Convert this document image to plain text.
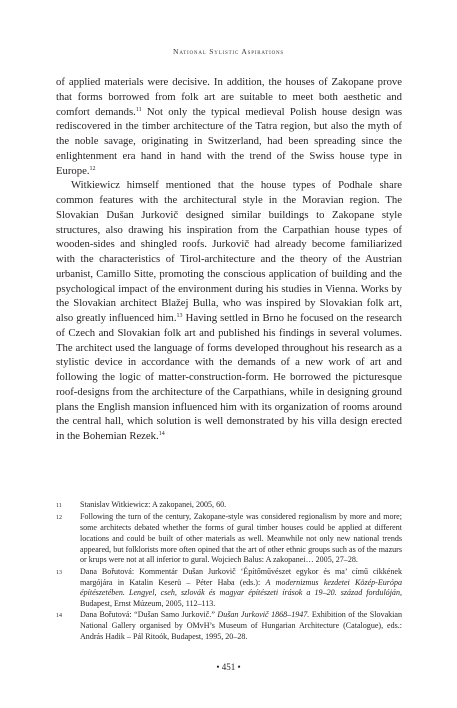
National Sylistic Aspirations

of applied materials were decisive. In addition, the houses of Zakopane prove that forms borrowed from folk art are suitable to meet both aesthetic and comfort demands.$^{11}$ Not only the typical medieval Polish house design was rediscovered in the timber architecture of the Tatra region, but also the myth of the noble savage, originating in Switzerland, had been spreading since the enlightenment era hand in hand with the trend of the Swiss house type in Europe.$^{12}$

Witkiewicz himself mentioned that the house types of Podhale share common features with the architectural style in the Moravian region. The Slovakian Dušan Jurkovič designed similar buildings to Zakopane style structures, also drawing his inspiration from the Carpathian house types of wooden-sides and shingled roofs. Jurkovič had already become familiarized with the characteristics of Tirol-architecture and the theory of the Austrian urbanist, Camillo Sitte, promoting the conscious application of building and the psychological impact of the environment during his studies in Vienna. Works by the Slovakian architect Blažej Bulla, who was inspired by Slovakian folk art, also greatly influenced him.$^{13}$ Having settled in Brno he focused on the research of Czech and Slovakian folk art and published his findings in several volumes. The architect used the language of forms developed throughout his research as a stylistic device in accordance with the demands of a new work of art and following the logic of matter-construction-form. He borrowed the picturesque roof-designs from the architecture of the Carpathians, while in designing ground plans the English mansion influenced him with its organization of rooms around the central hall, which solution is well demonstrated by his villa design erected in the Bohemian Rezek.$^{14}$

11	Stanislav Witkiewicz: A zakopanei, 2005, 60.
12	Following the turn of the century, Zakopane-style was considered regionalism by more and more; some architects debated whether the forms of gural timber houses could be applied at different locations and could be built of other materials as well. Meanwhile not only new national trends appeared, but folklorists more often opined that the art of other ethnic groups such as of the mazurs or krups were not at all inferior to gural. Wojciech Balus: A zakopanei… 2005, 27–28.
13	Dana Bořutová: Kommentár Dušan Jurkovič ‘Építőművészet egykor és ma’ című cikkének margójára in Katalin Keserü – Péter Haba (eds.): A modernizmus kezdetei Közép-Európa építészetében. Lengyel, cseh, szlovák és magyar építészeti írások a 19–20. század fordulóján, Budapest, Ernst Múzeum, 2005, 112–113.
14	Dana Bořutová: “Dušan Samo Jurkovič.” Dušan Jurkovič 1868–1947. Exhibition of the Slovakian National Gallery organised by OMvH’s Museum of Hungarian Architecture (Catalogue), eds.: András Hadik – Pál Ritoók, Budapest, 1995, 20–28.
• 451 •
